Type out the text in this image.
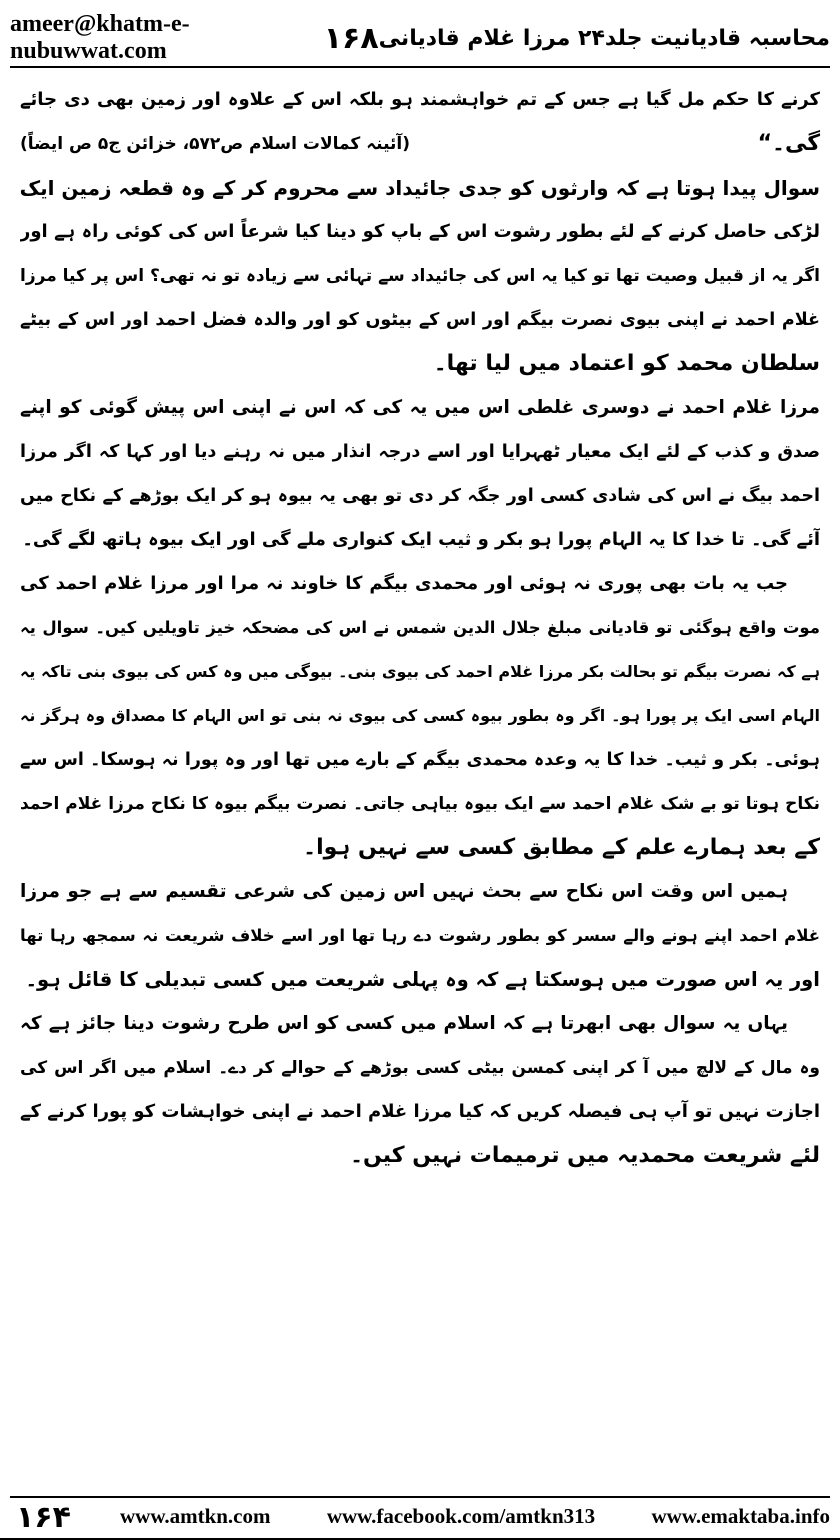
ameer@khatm-e-nubuwwat.com	۱۶۸ محاسبہ قادیانیت جلد۲۴ مرزا غلام قادیانی
کرنے کا حکم مل گیا ہے جس کے تم خواہشمند ہو بلکہ اس کے علاوہ اور زمین بھی دی جائے
گی۔“
(آئینہ کمالات اسلام ص۵۷۲، خزائن ج۵ ص ایضاً)
سوال پیدا ہوتا ہے کہ وارثوں کو جدی جائیداد سے محروم کر کے وہ قطعہ زمین ایک
لڑکی حاصل کرنے کے لئے بطور رشوت اس کے باپ کو دینا کیا شرعاً اس کی کوئی راہ ہے اور
اگر یہ از قبیل وصیت تھا تو کیا یہ اس کی جائیداد سے تہائی سے زیادہ تو نہ تھی؟ اس پر کیا مرزا
غلام احمد نے اپنی بیوی نصرت بیگم اور اس کے بیٹوں کو اور والدہ فضل احمد اور اس کے بیٹے
سلطان محمد کو اعتماد میں لیا تھا۔
مرزا غلام احمد نے دوسری غلطی اس میں یہ کی کہ اس نے اپنی اس پیش گوئی کو اپنے
صدق و کذب کے لئے ایک معیار ٹھہرایا اور اسے درجہ انذار میں نہ رہنے دیا اور کہا کہ اگر مرزا
احمد بیگ نے اس کی شادی کسی اور جگہ کر دی تو بھی یہ بیوہ ہو کر ایک بوڑھے کے نکاح میں
آئے گی۔ تا خدا کا یہ الہام پورا ہو بکر و ثیب ایک کنواری ملے گی اور ایک بیوہ ہاتھ لگے گی۔
جب یہ بات بھی پوری نہ ہوئی اور محمدی بیگم کا خاوند نہ مرا اور مرزا غلام احمد کی
موت واقع ہوگئی تو قادیانی مبلغ جلال الدین شمس نے اس کی مضحکہ خیز تاویلیں کیں۔ سوال یہ
ہے کہ نصرت بیگم تو بحالت بکر مرزا غلام احمد کی بیوی بنی۔ بیوگی میں وہ کس کی بیوی بنی تاکہ یہ
الہام اسی ایک پر پورا ہو۔ اگر وہ بطور بیوہ کسی کی بیوی نہ بنی تو اس الہام کا مصداق وہ ہرگز نہ
ہوئی۔ بکر و ثیب۔ خدا کا یہ وعدہ محمدی بیگم کے بارے میں تھا اور وہ پورا نہ ہوسکا۔ اس سے
نکاح ہوتا تو بے شک غلام احمد سے ایک بیوہ بیاہی جاتی۔ نصرت بیگم بیوہ کا نکاح مرزا غلام احمد
کے بعد ہمارے علم کے مطابق کسی سے نہیں ہوا۔
ہمیں اس وقت اس نکاح سے بحث نہیں اس زمین کی شرعی تقسیم سے ہے جو مرزا
غلام احمد اپنے ہونے والے سسر کو بطور رشوت دے رہا تھا اور اسے خلاف شریعت نہ سمجھ رہا تھا
اور یہ اس صورت میں ہوسکتا ہے کہ وہ پہلی شریعت میں کسی تبدیلی کا قائل ہو۔
یہاں یہ سوال بھی ابھرتا ہے کہ اسلام میں کسی کو اس طرح رشوت دینا جائز ہے کہ
وہ مال کے لالچ میں آ کر اپنی کمسن بیٹی کسی بوڑھے کے حوالے کر دے۔ اسلام میں اگر اس کی
اجازت نہیں تو آپ ہی فیصلہ کریں کہ کیا مرزا غلام احمد نے اپنی خواہشات کو پورا کرنے کے
لئے شریعت محمدیہ میں ترمیمات نہیں کیں۔
۱۶۴ www.amtkn.com	www.facebook.com/amtkn313	www.emaktaba.info
